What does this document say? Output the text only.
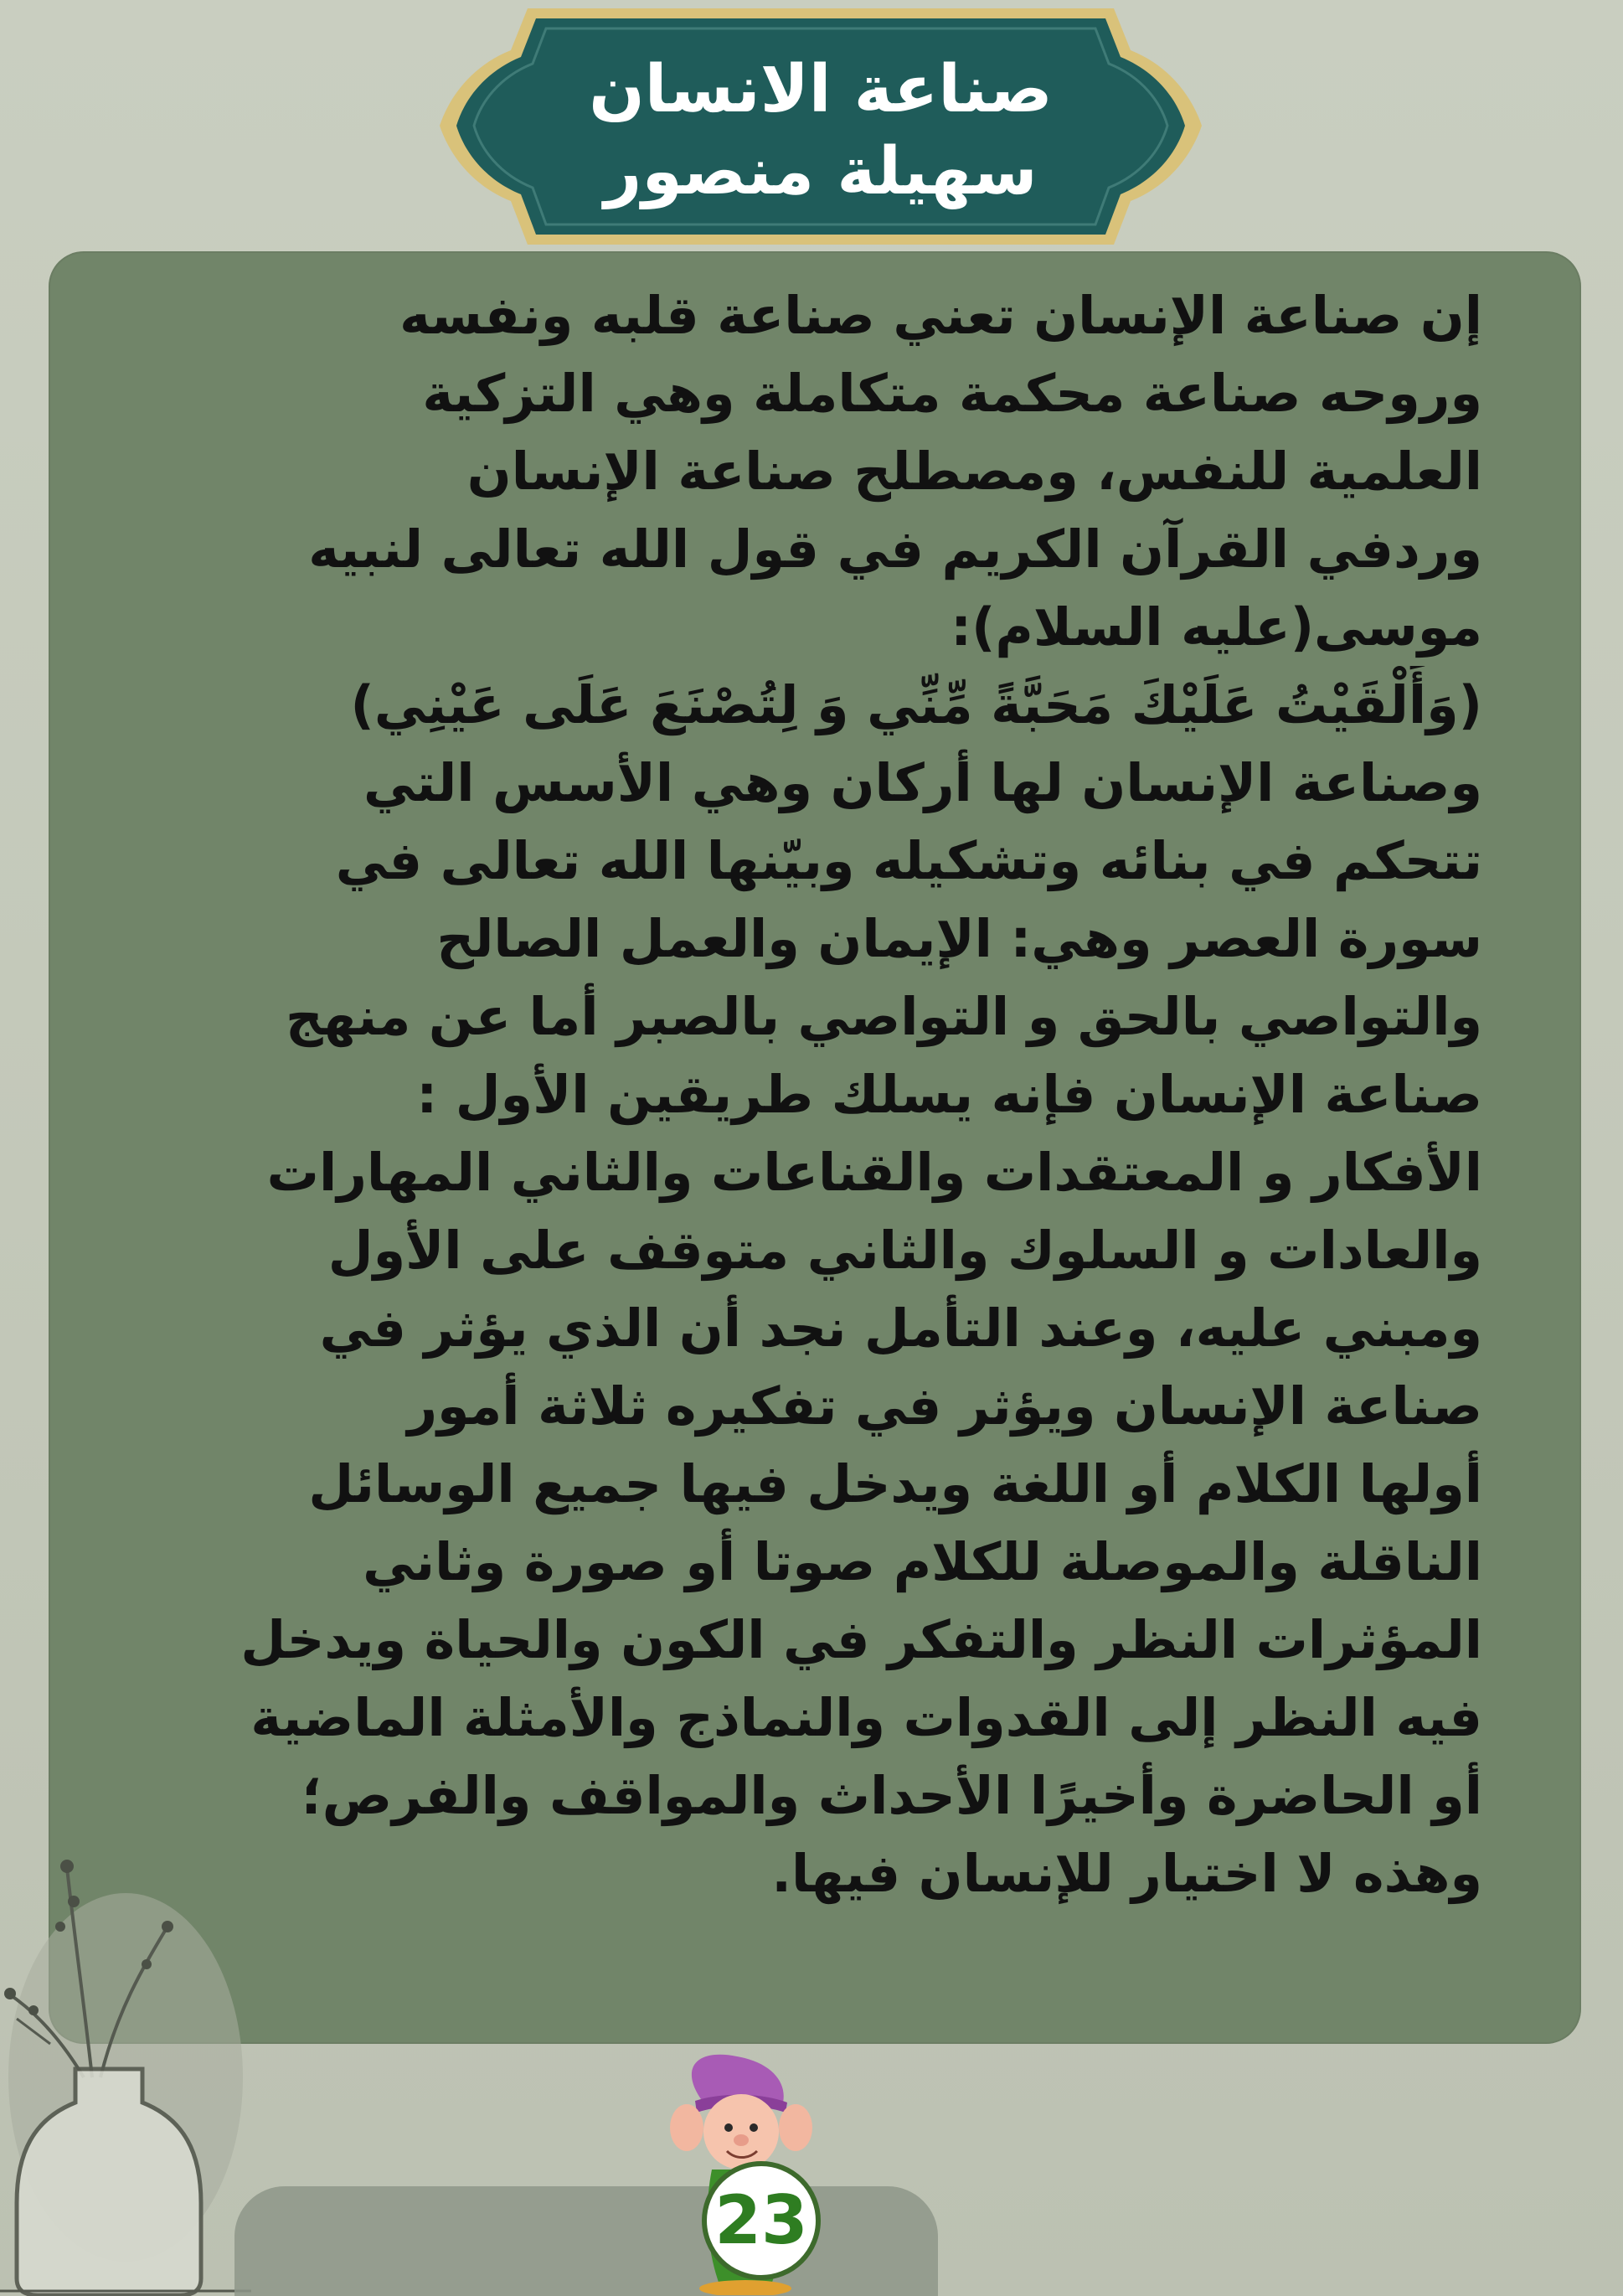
صناعة الانسان
سهيلة منصور
إن صناعة الإنسان تعني صناعة قلبه ونفسه
وروحه صناعة محكمة متكاملة وهي التزكية
العلمية للنفس، ومصطلح صناعة الإنسان
وردفي القرآن الكريم في قول الله تعالى لنبيه
موسى(عليه السلام):
(وَأَلْقَيْتُ عَلَيْكَ مَحَبَّةً مِّنِّي وَ لِتُصْنَعَ عَلَى عَيْنِي)
وصناعة الإنسان لها أركان وهي الأسس التي
تتحكم في بنائه وتشكيله وبيّنها الله تعالى في
سورة العصر وهي: الإيمان والعمل الصالح
والتواصي بالحق و التواصي بالصبر أما عن منهج
صناعة الإنسان فإنه يسلك طريقين الأول :
الأفكار و المعتقدات والقناعات والثاني المهارات
والعادات و السلوك والثاني متوقف على الأول
ومبني عليه، وعند التأمل نجد أن الذي يؤثر في
صناعة الإنسان ويؤثر في تفكيره ثلاثة أمور
أولها الكلام أو اللغة ويدخل فيها جميع الوسائل
الناقلة والموصلة للكلام صوتا أو صورة وثاني
المؤثرات النظر والتفكر في الكون والحياة ويدخل
فيه النظر إلى القدوات والنماذج والأمثلة الماضية
أو الحاضرة وأخيرًا الأحداث والمواقف والفرص؛
وهذه لا اختيار للإنسان فيها.
23
